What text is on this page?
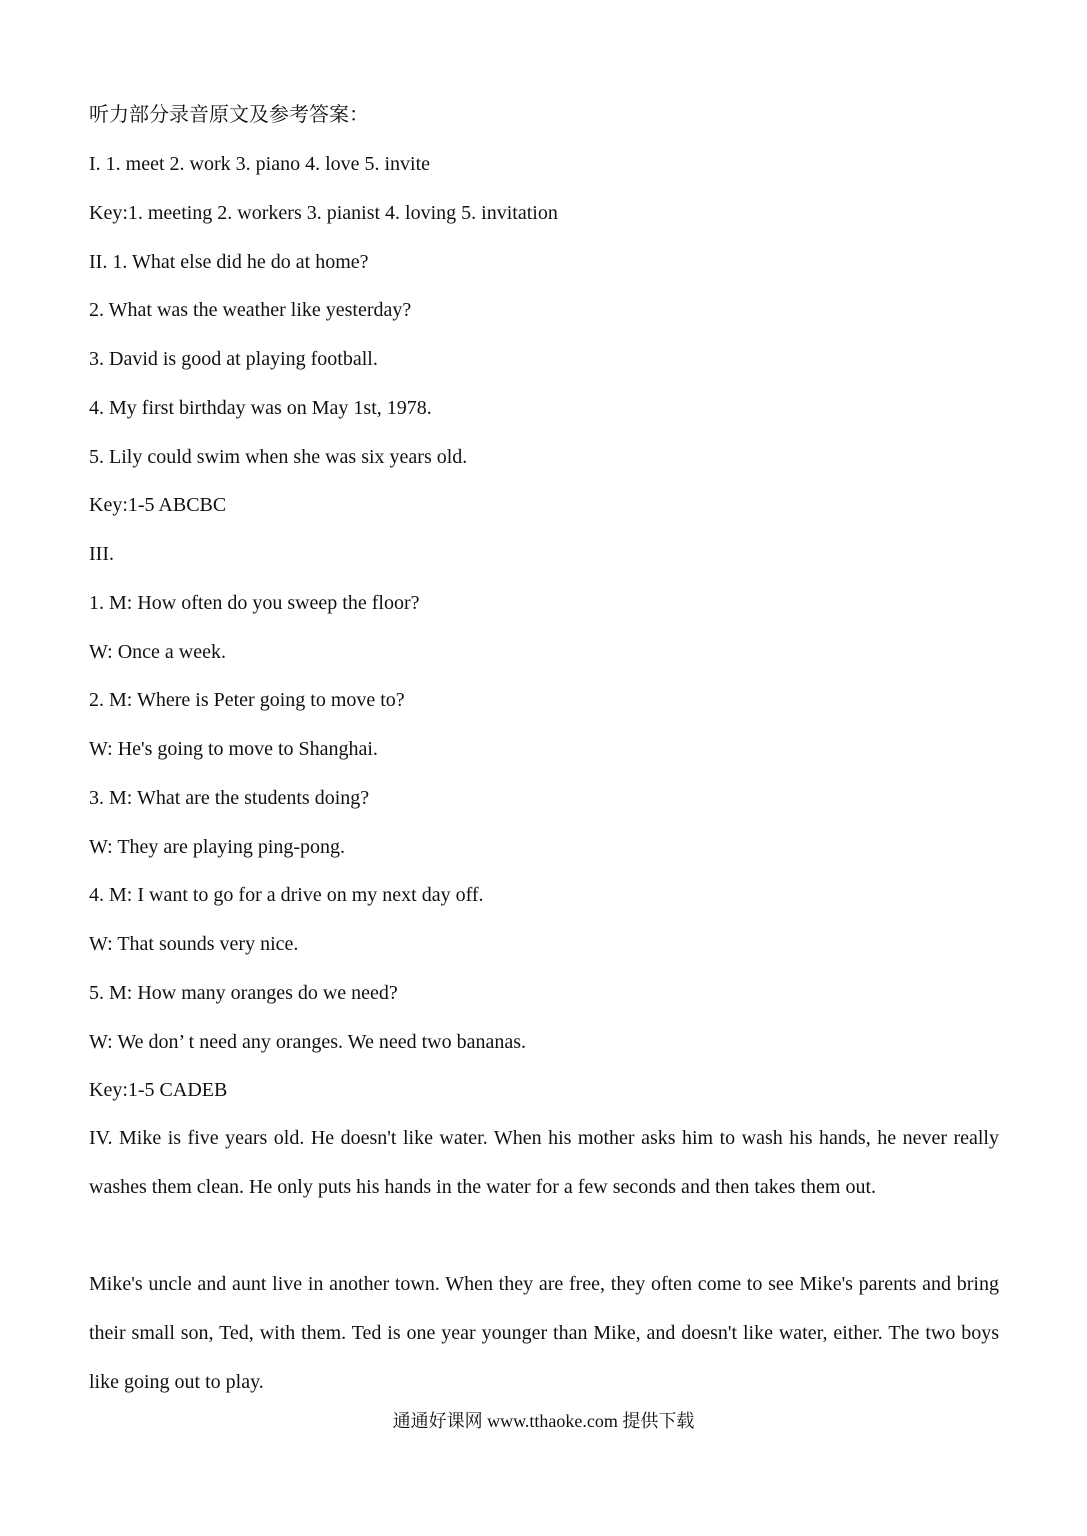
听力部分录音原文及参考答案：
I. 1. meet 2. work 3. piano 4. love 5. invite
Key:1. meeting 2. workers 3. pianist 4. loving 5. invitation
II. 1. What else did he do at home?
2. What was the weather like yesterday?
3. David is good at playing football.
4. My first birthday was on May 1st, 1978.
5. Lily could swim when she was six years old.
Key:1-5 ABCBC
III.
1. M: How often do you sweep the floor?
W: Once a week.
2. M: Where is Peter going to move to?
W: He's going to move to Shanghai.
3. M: What are the students doing?
W: They are playing ping-pong.
4. M: I want to go for a drive on my next day off.
W: That sounds very nice.
5. M: How many oranges do we need?
W: We don’ t need any oranges. We need two bananas.
Key:1-5 CADEB
IV. Mike is five years old. He doesn't like water. When his mother asks him to wash his hands, he never really washes them clean. He only puts his hands in the water for a few seconds and then takes them out.
Mike's uncle and aunt live in another town. When they are free, they often come to see Mike's parents and bring their small son, Ted, with them. Ted is one year younger than Mike, and doesn't like water, either. The two boys like going out to play.
通通好课网 www.tthaoke.com 提供下载
